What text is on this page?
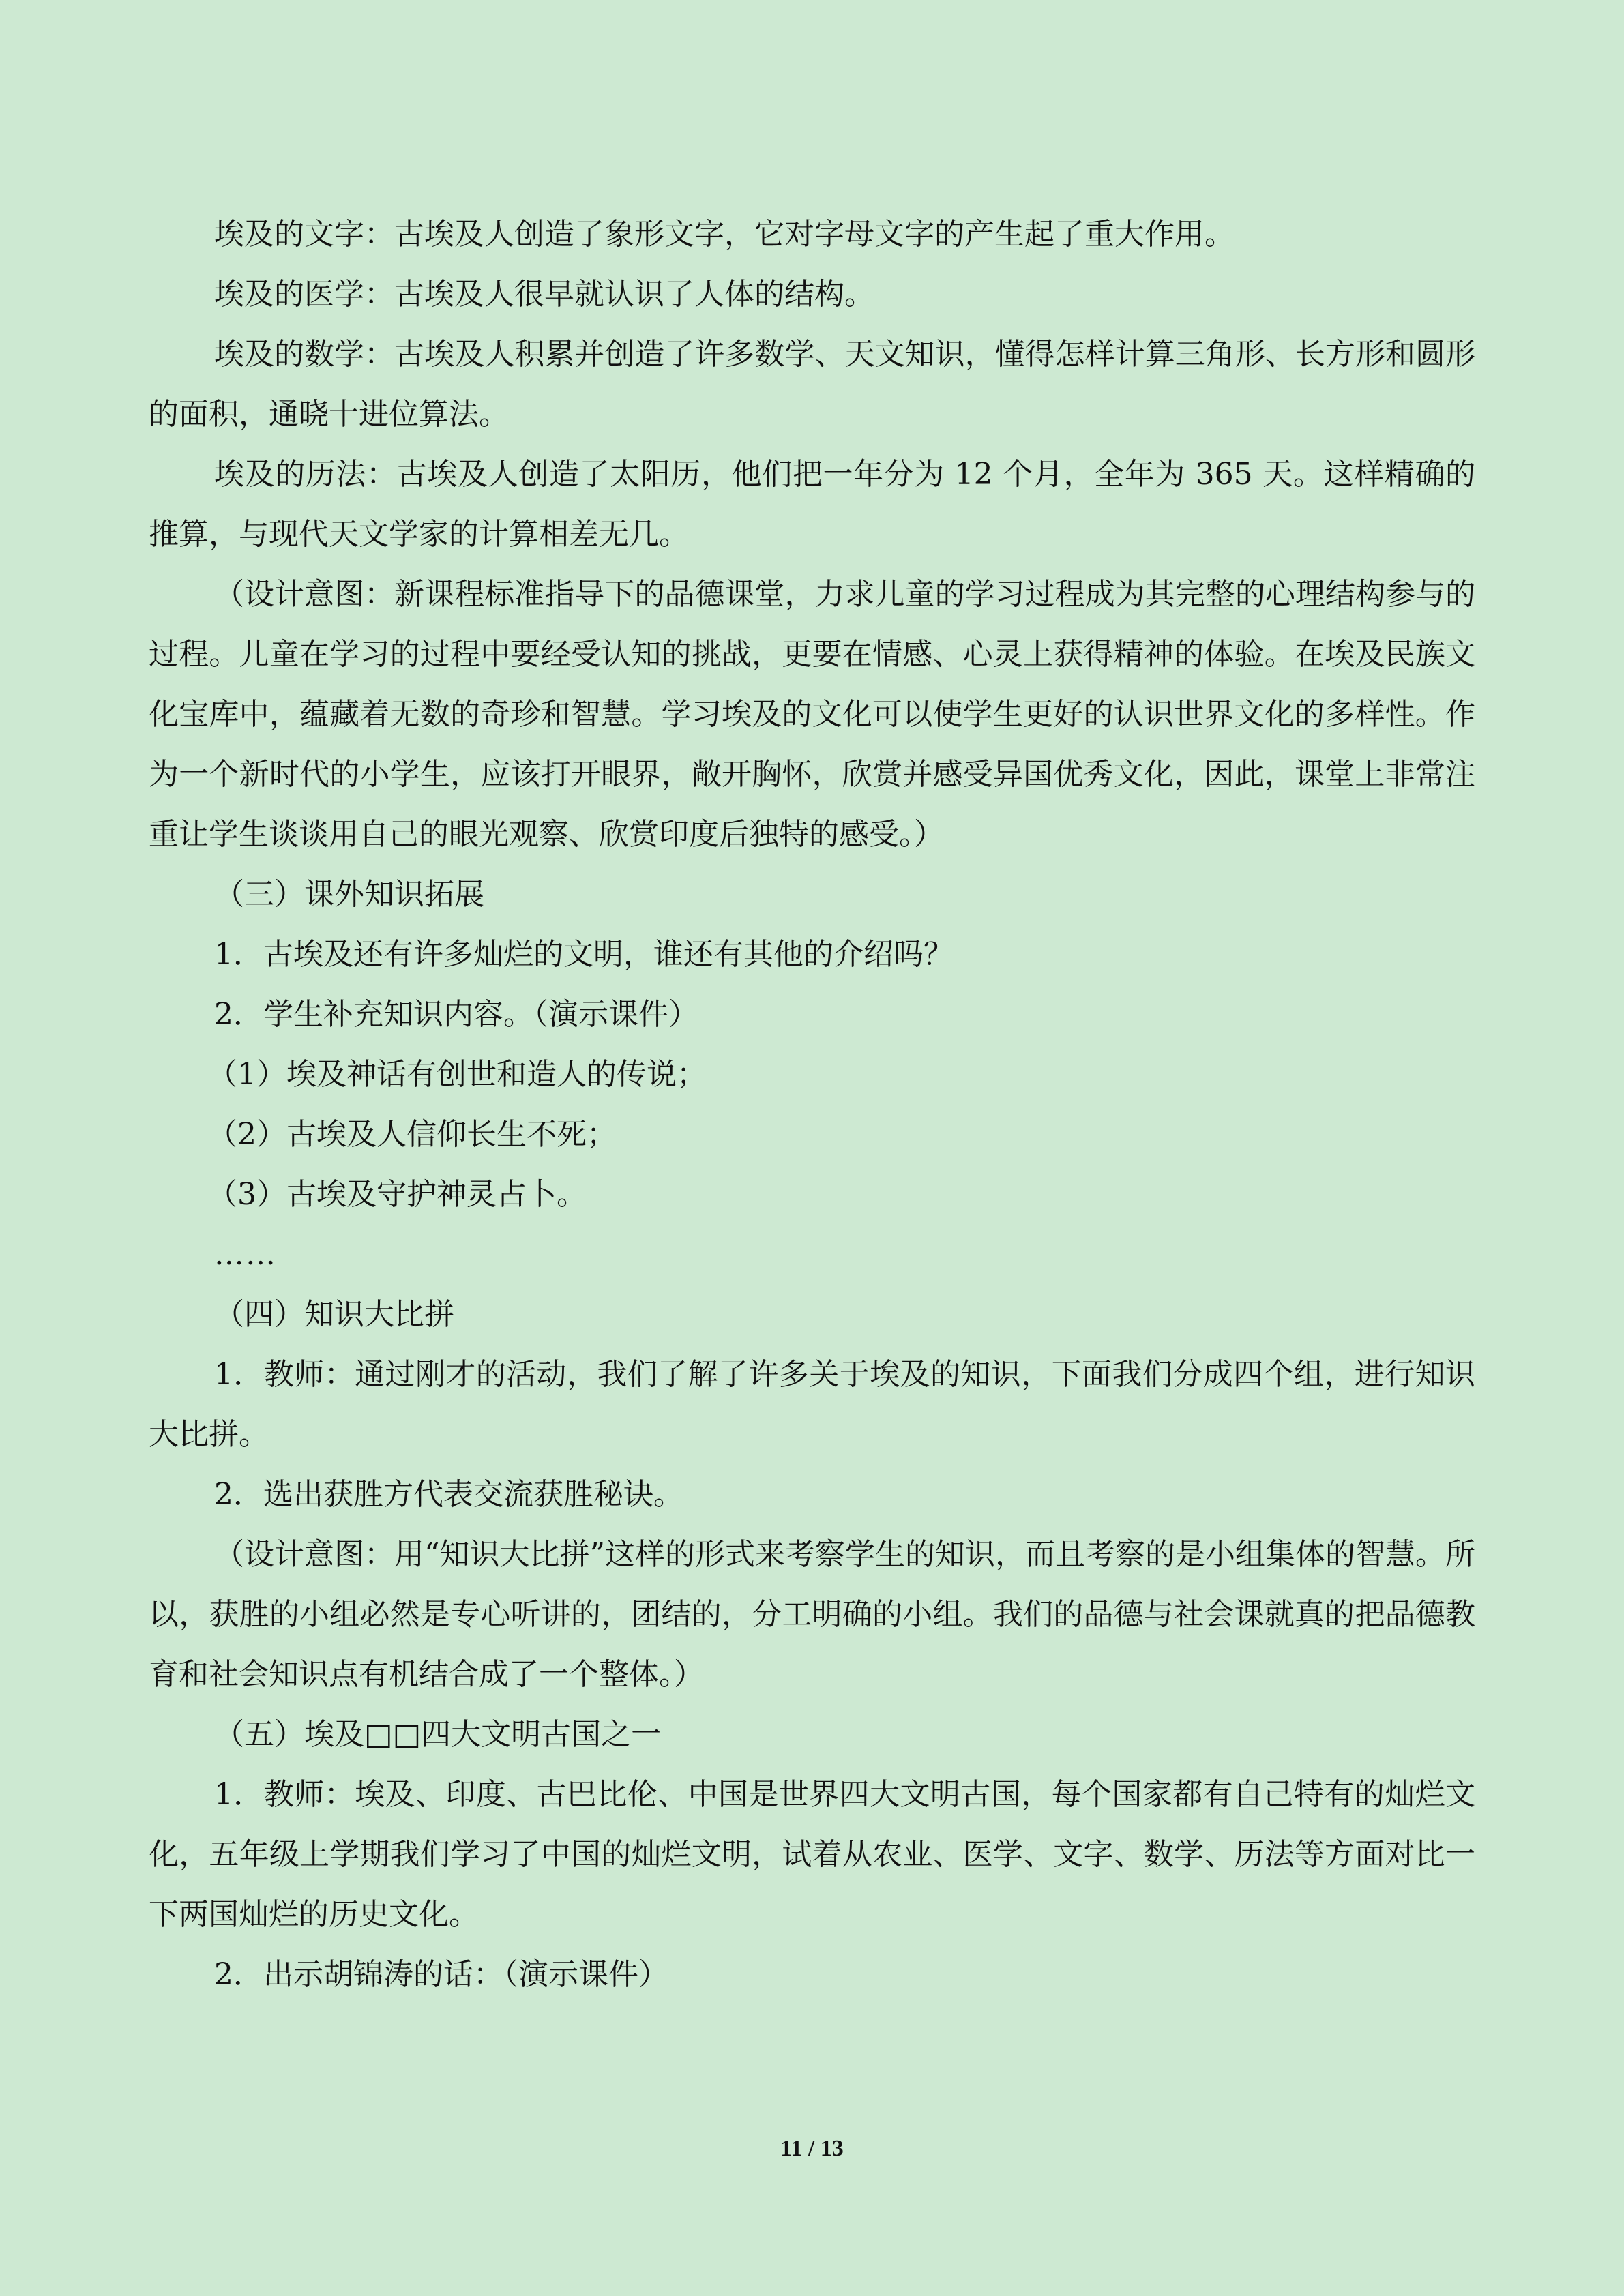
埃及的文字：古埃及人创造了象形文字，它对字母文字的产生起了重大作用。

埃及的医学：古埃及人很早就认识了人体的结构。

埃及的数学：古埃及人积累并创造了许多数学、天文知识，懂得怎样计算三角形、长方形和圆形的面积，通晓十进位算法。

埃及的历法：古埃及人创造了太阳历，他们把一年分为 12 个月，全年为 365 天。这样精确的推算，与现代天文学家的计算相差无几。

（设计意图：新课程标准指导下的品德课堂，力求儿童的学习过程成为其完整的心理结构参与的过程。儿童在学习的过程中要经受认知的挑战，更要在情感、心灵上获得精神的体验。在埃及民族文化宝库中，蕴藏着无数的奇珍和智慧。学习埃及的文化可以使学生更好的认识世界文化的多样性。作为一个新时代的小学生，应该打开眼界，敞开胸怀，欣赏并感受异国优秀文化，因此，课堂上非常注重让学生谈谈用自己的眼光观察、欣赏印度后独特的感受。）

（三）课外知识拓展

1．古埃及还有许多灿烂的文明，谁还有其他的介绍吗？

2．学生补充知识内容。（演示课件）

（1）埃及神话有创世和造人的传说；

（2）古埃及人信仰长生不死；

（3）古埃及守护神灵占卜。

……

（四）知识大比拼

1．教师：通过刚才的活动，我们了解了许多关于埃及的知识，下面我们分成四个组，进行知识大比拼。

2．选出获胜方代表交流获胜秘诀。

（设计意图：用“知识大比拼”这样的形式来考察学生的知识，而且考察的是小组集体的智慧。所以，获胜的小组必然是专心听讲的，团结的，分工明确的小组。我们的品德与社会课就真的把品德教育和社会知识点有机结合成了一个整体。）

（五）埃及□□四大文明古国之一

1．教师：埃及、印度、古巴比伦、中国是世界四大文明古国，每个国家都有自己特有的灿烂文化，五年级上学期我们学习了中国的灿烂文明，试着从农业、医学、文字、数学、历法等方面对比一下两国灿烂的历史文化。

2．出示胡锦涛的话：（演示课件）

11 / 13
